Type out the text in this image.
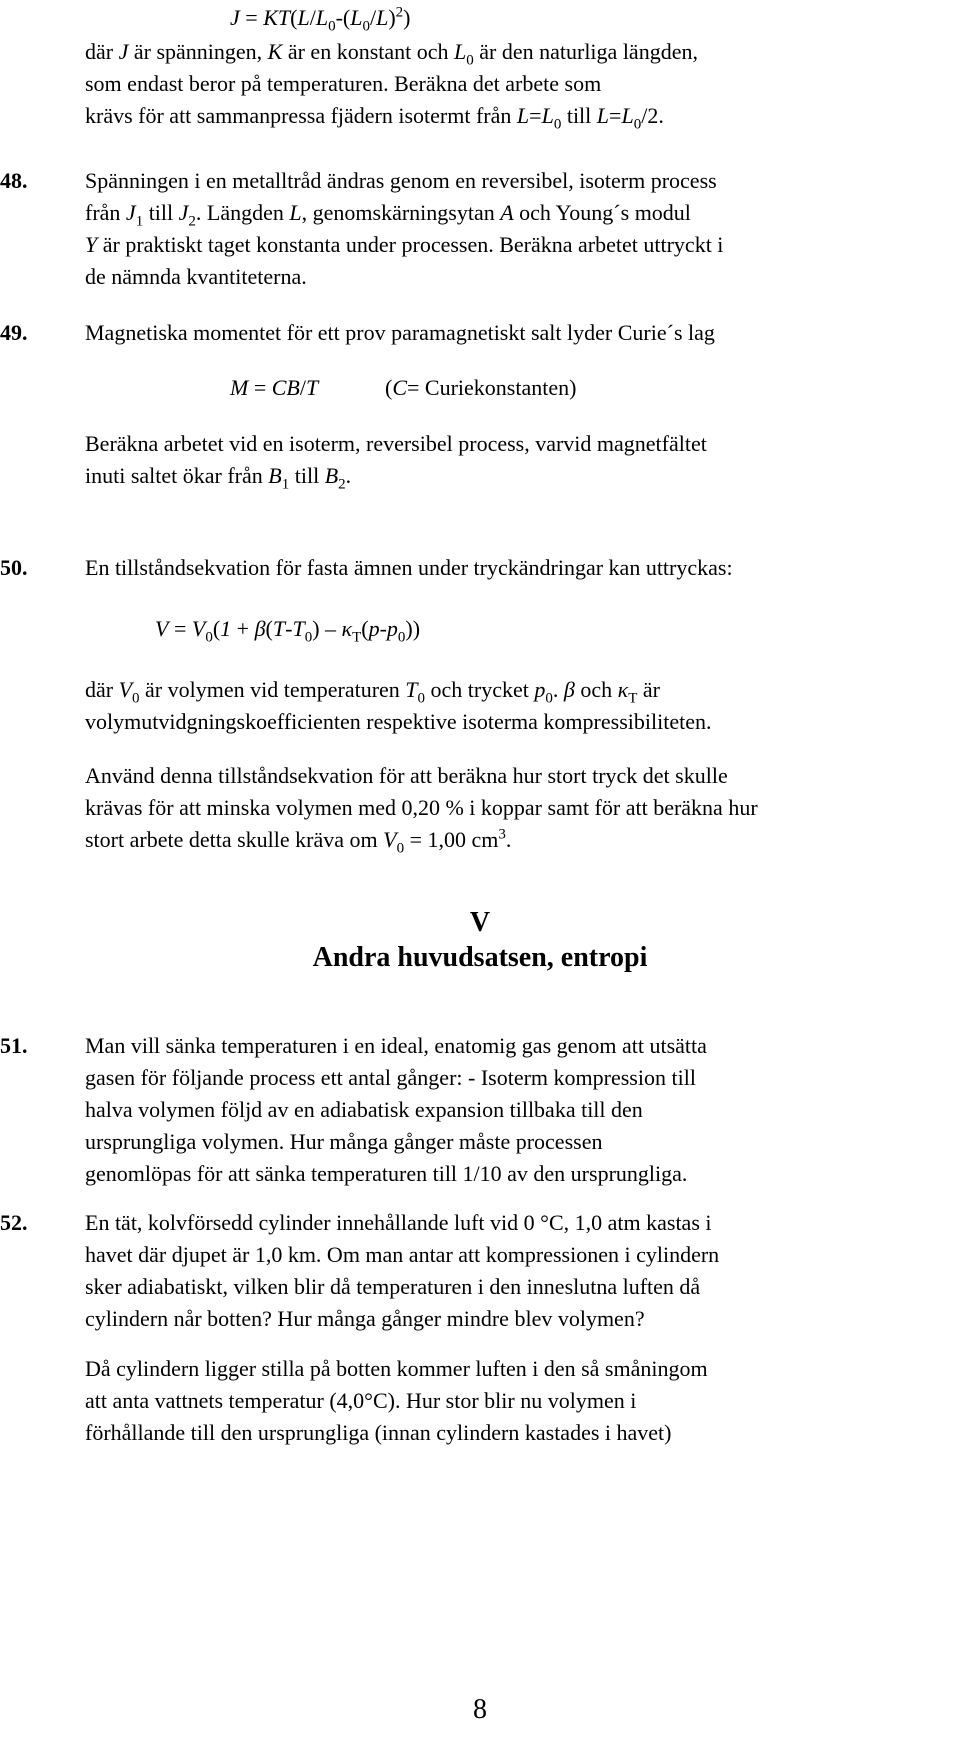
$J = KT(L/L_0-(L_0/L)^2)$

där J är spänningen, K är en konstant och $L_0$ är den naturliga längden,

som endast beror på temperaturen. Beräkna det arbete som

krävs för att sammanpressa fjädern isotermt från $L=L_0$ till $L=L_0/2$.

48.	Spänningen i en metalltråd ändras genom en reversibel, isoterm process

från $J_1$ till $J_2$. Längden L, genomskärningsytan A och Young´s modul

Y är praktiskt taget konstanta under processen. Beräkna arbetet uttryckt i

de nämnda kvantiteterna.

49.	Magnetiska momentet för ett prov paramagnetiskt salt lyder Curie´s lag

M = CB/T	(C= Curiekonstanten)

Beräkna arbetet vid en isoterm, reversibel process, varvid magnetfältet

inuti saltet ökar från $B_1$ till $B_2$.

50.	En tillståndsekvation för fasta ämnen under tryckändringar kan uttryckas:

$V = V_0(1 + \beta(T-T_0) - \kappa_T(p-p_0))$

där $V_0$ är volymen vid temperaturen $T_0$ och trycket $p_0$. β och $\kappa_T$ är

volymutvidgningskoefficienten respektive isoterma kompressibiliteten.

Använd denna tillståndsekvation för att beräkna hur stort tryck det skulle

krävas för att minska volymen med 0,20 % i koppar samt för att beräkna hur

stort arbete detta skulle kräva om $V_0 = 1,00$ $cm^3$.

V
Andra huvudsatsen, entropi
51.	Man vill sänka temperaturen i en ideal, enatomig gas genom att utsätta

gasen för följande process ett antal gånger: - Isoterm kompression till

halva volymen följd av en adiabatisk expansion tillbaka till den

ursprungliga volymen. Hur många gånger måste processen

genomlöpas för att sänka temperaturen till 1/10 av den ursprungliga.

52.	En tät, kolvförsedd cylinder innehållande luft vid 0 °C, 1,0 atm kastas i

havet där djupet är 1,0 km. Om man antar att kompressionen i cylindern

sker adiabatiskt, vilken blir då temperaturen i den inneslutna luften då

cylindern når botten? Hur många gånger mindre blev volymen?

Då cylindern ligger stilla på botten kommer luften i den så småningom

att anta vattnets temperatur (4,0°C). Hur stor blir nu volymen i

förhållande till den ursprungliga (innan cylindern kastades i havet)

8
